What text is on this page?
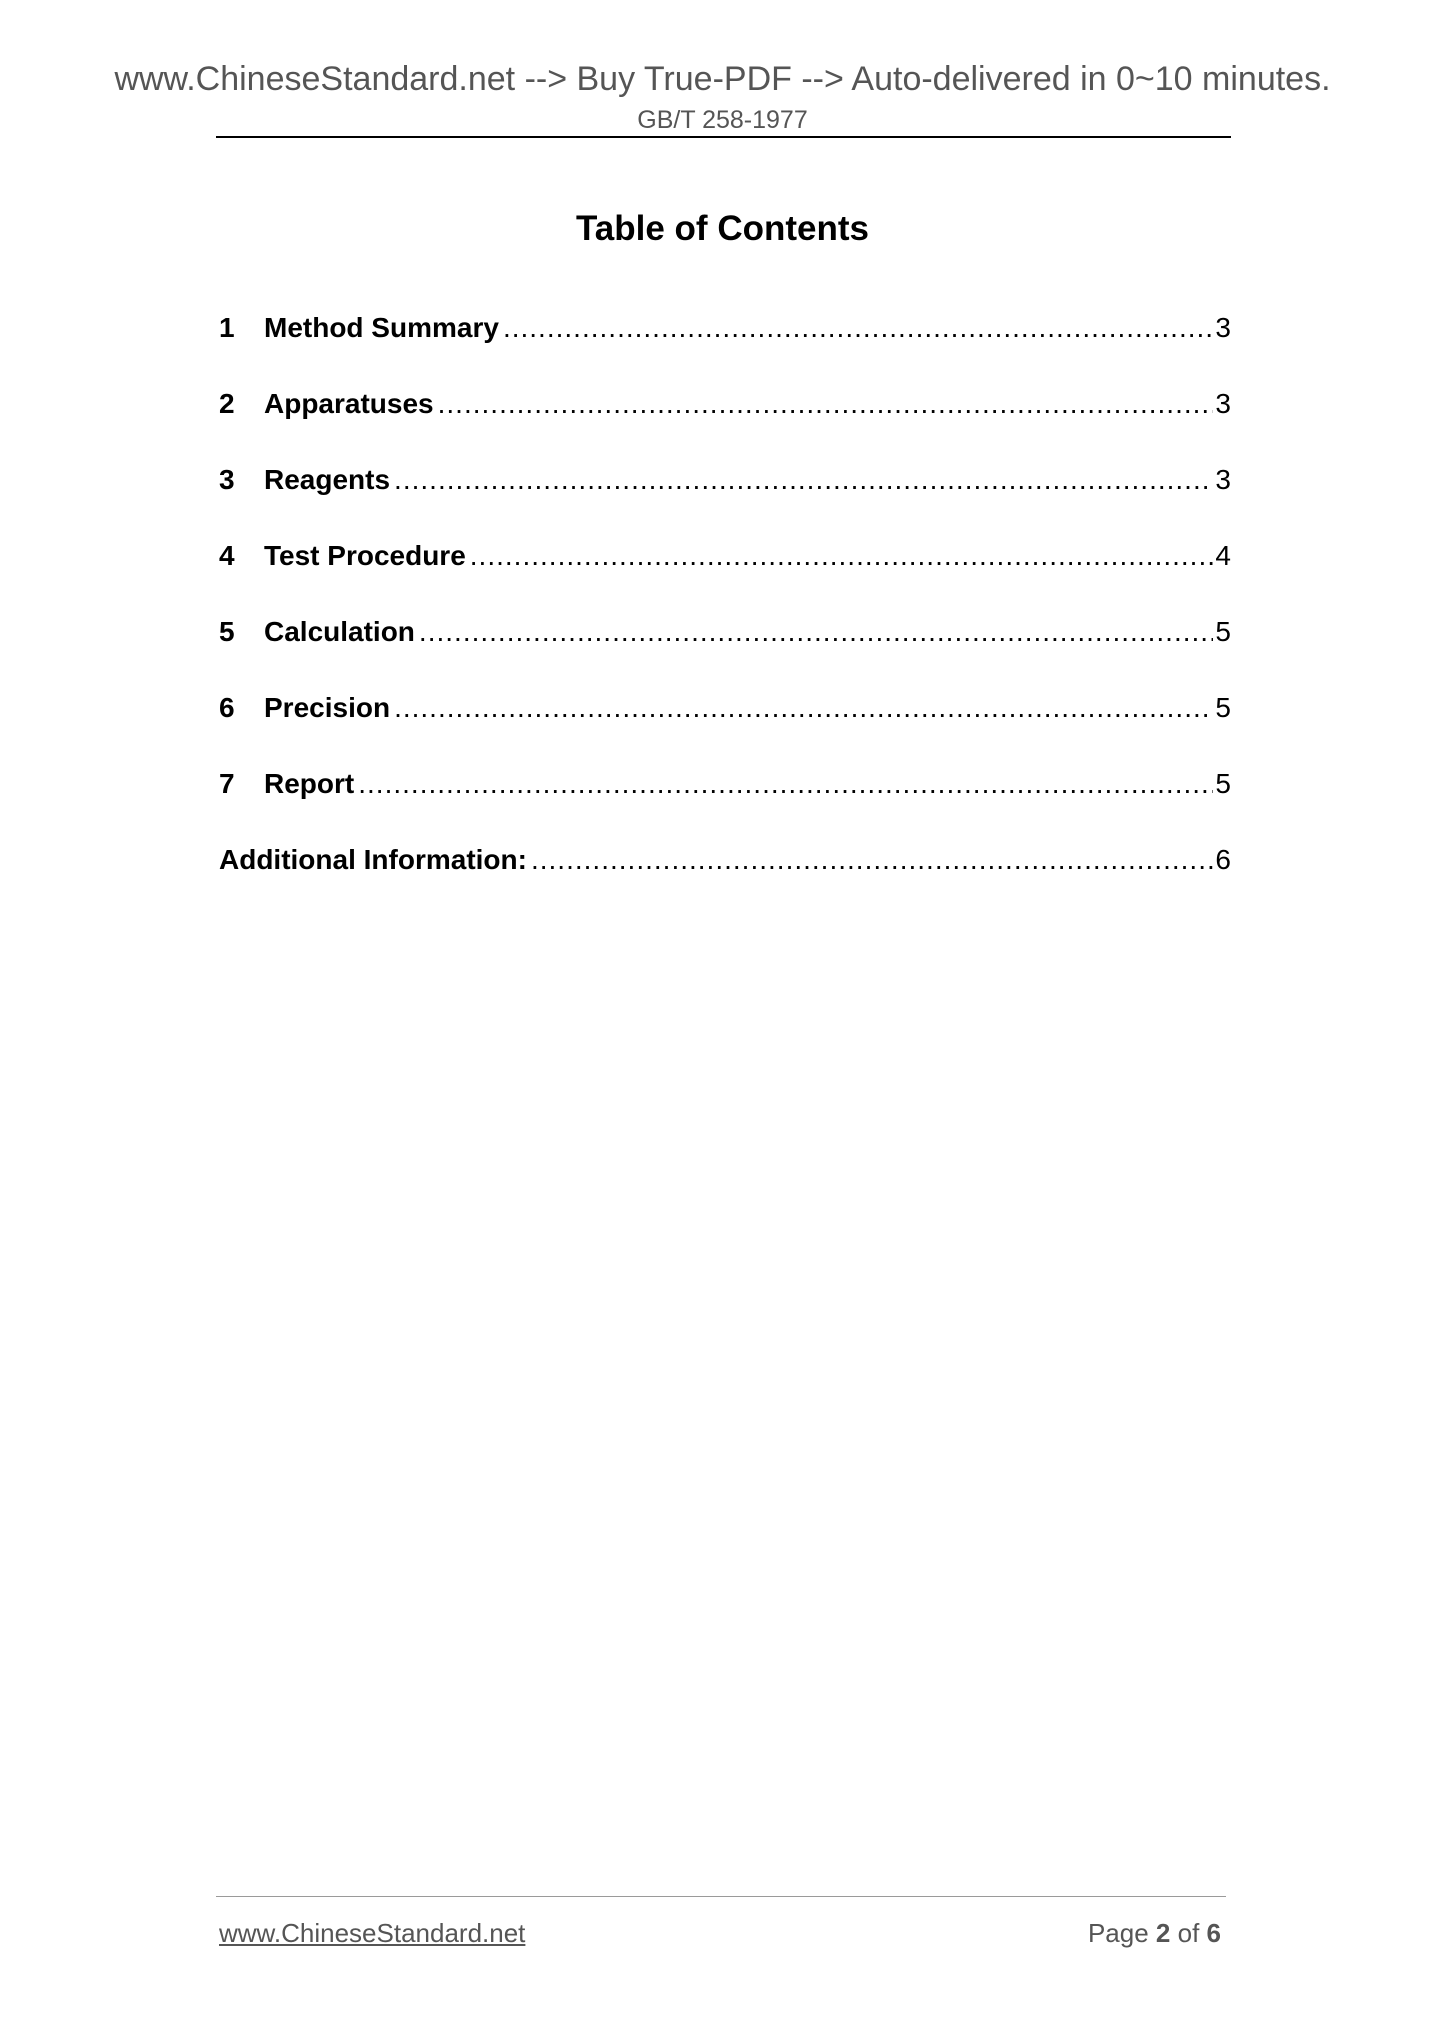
www.ChineseStandard.net --> Buy True-PDF --> Auto-delivered in 0~10 minutes.
GB/T 258-1977
Table of Contents
1	Method Summary .....	3
2	Apparatuses .....	3
3	Reagents .....	3
4	Test Procedure .....	4
5	Calculation .....	5
6	Precision .....	5
7	Report .....	5
Additional Information: .....	6
www.ChineseStandard.net	Page 2 of 6
